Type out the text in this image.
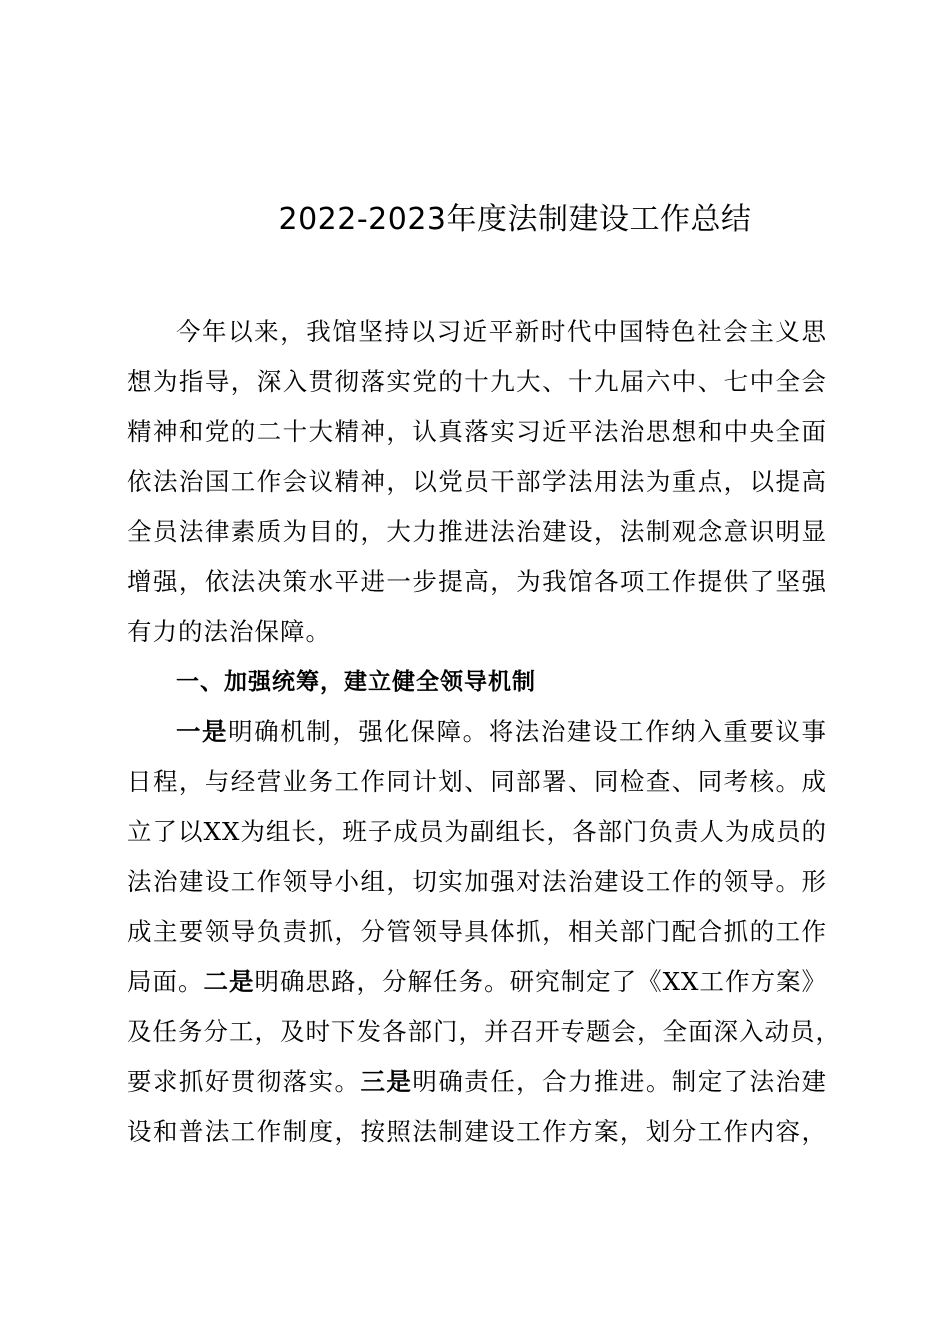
2022-2023年度法制建设工作总结
今年以来，我馆坚持以习近平新时代中国特色社会主义思
想为指导，深入贯彻落实党的十九大、十九届六中、七中全会
精神和党的二十大精神，认真落实习近平法治思想和中央全面
依法治国工作会议精神，以党员干部学法用法为重点，以提高
全员法律素质为目的，大力推进法治建设，法制观念意识明显
增强，依法决策水平进一步提高，为我馆各项工作提供了坚强
有力的法治保障。
一、加强统筹，建立健全领导机制
一是明确机制，强化保障。将法治建设工作纳入重要议事
日程，与经营业务工作同计划、同部署、同检查、同考核。成
立了以XX为组长，班子成员为副组长，各部门负责人为成员的
法治建设工作领导小组，切实加强对法治建设工作的领导。形
成主要领导负责抓，分管领导具体抓，相关部门配合抓的工作
局面。二是明确思路，分解任务。研究制定了《XX工作方案》
及任务分工，及时下发各部门，并召开专题会，全面深入动员，
要求抓好贯彻落实。三是明确责任，合力推进。制定了法治建
设和普法工作制度，按照法制建设工作方案，划分工作内容，
